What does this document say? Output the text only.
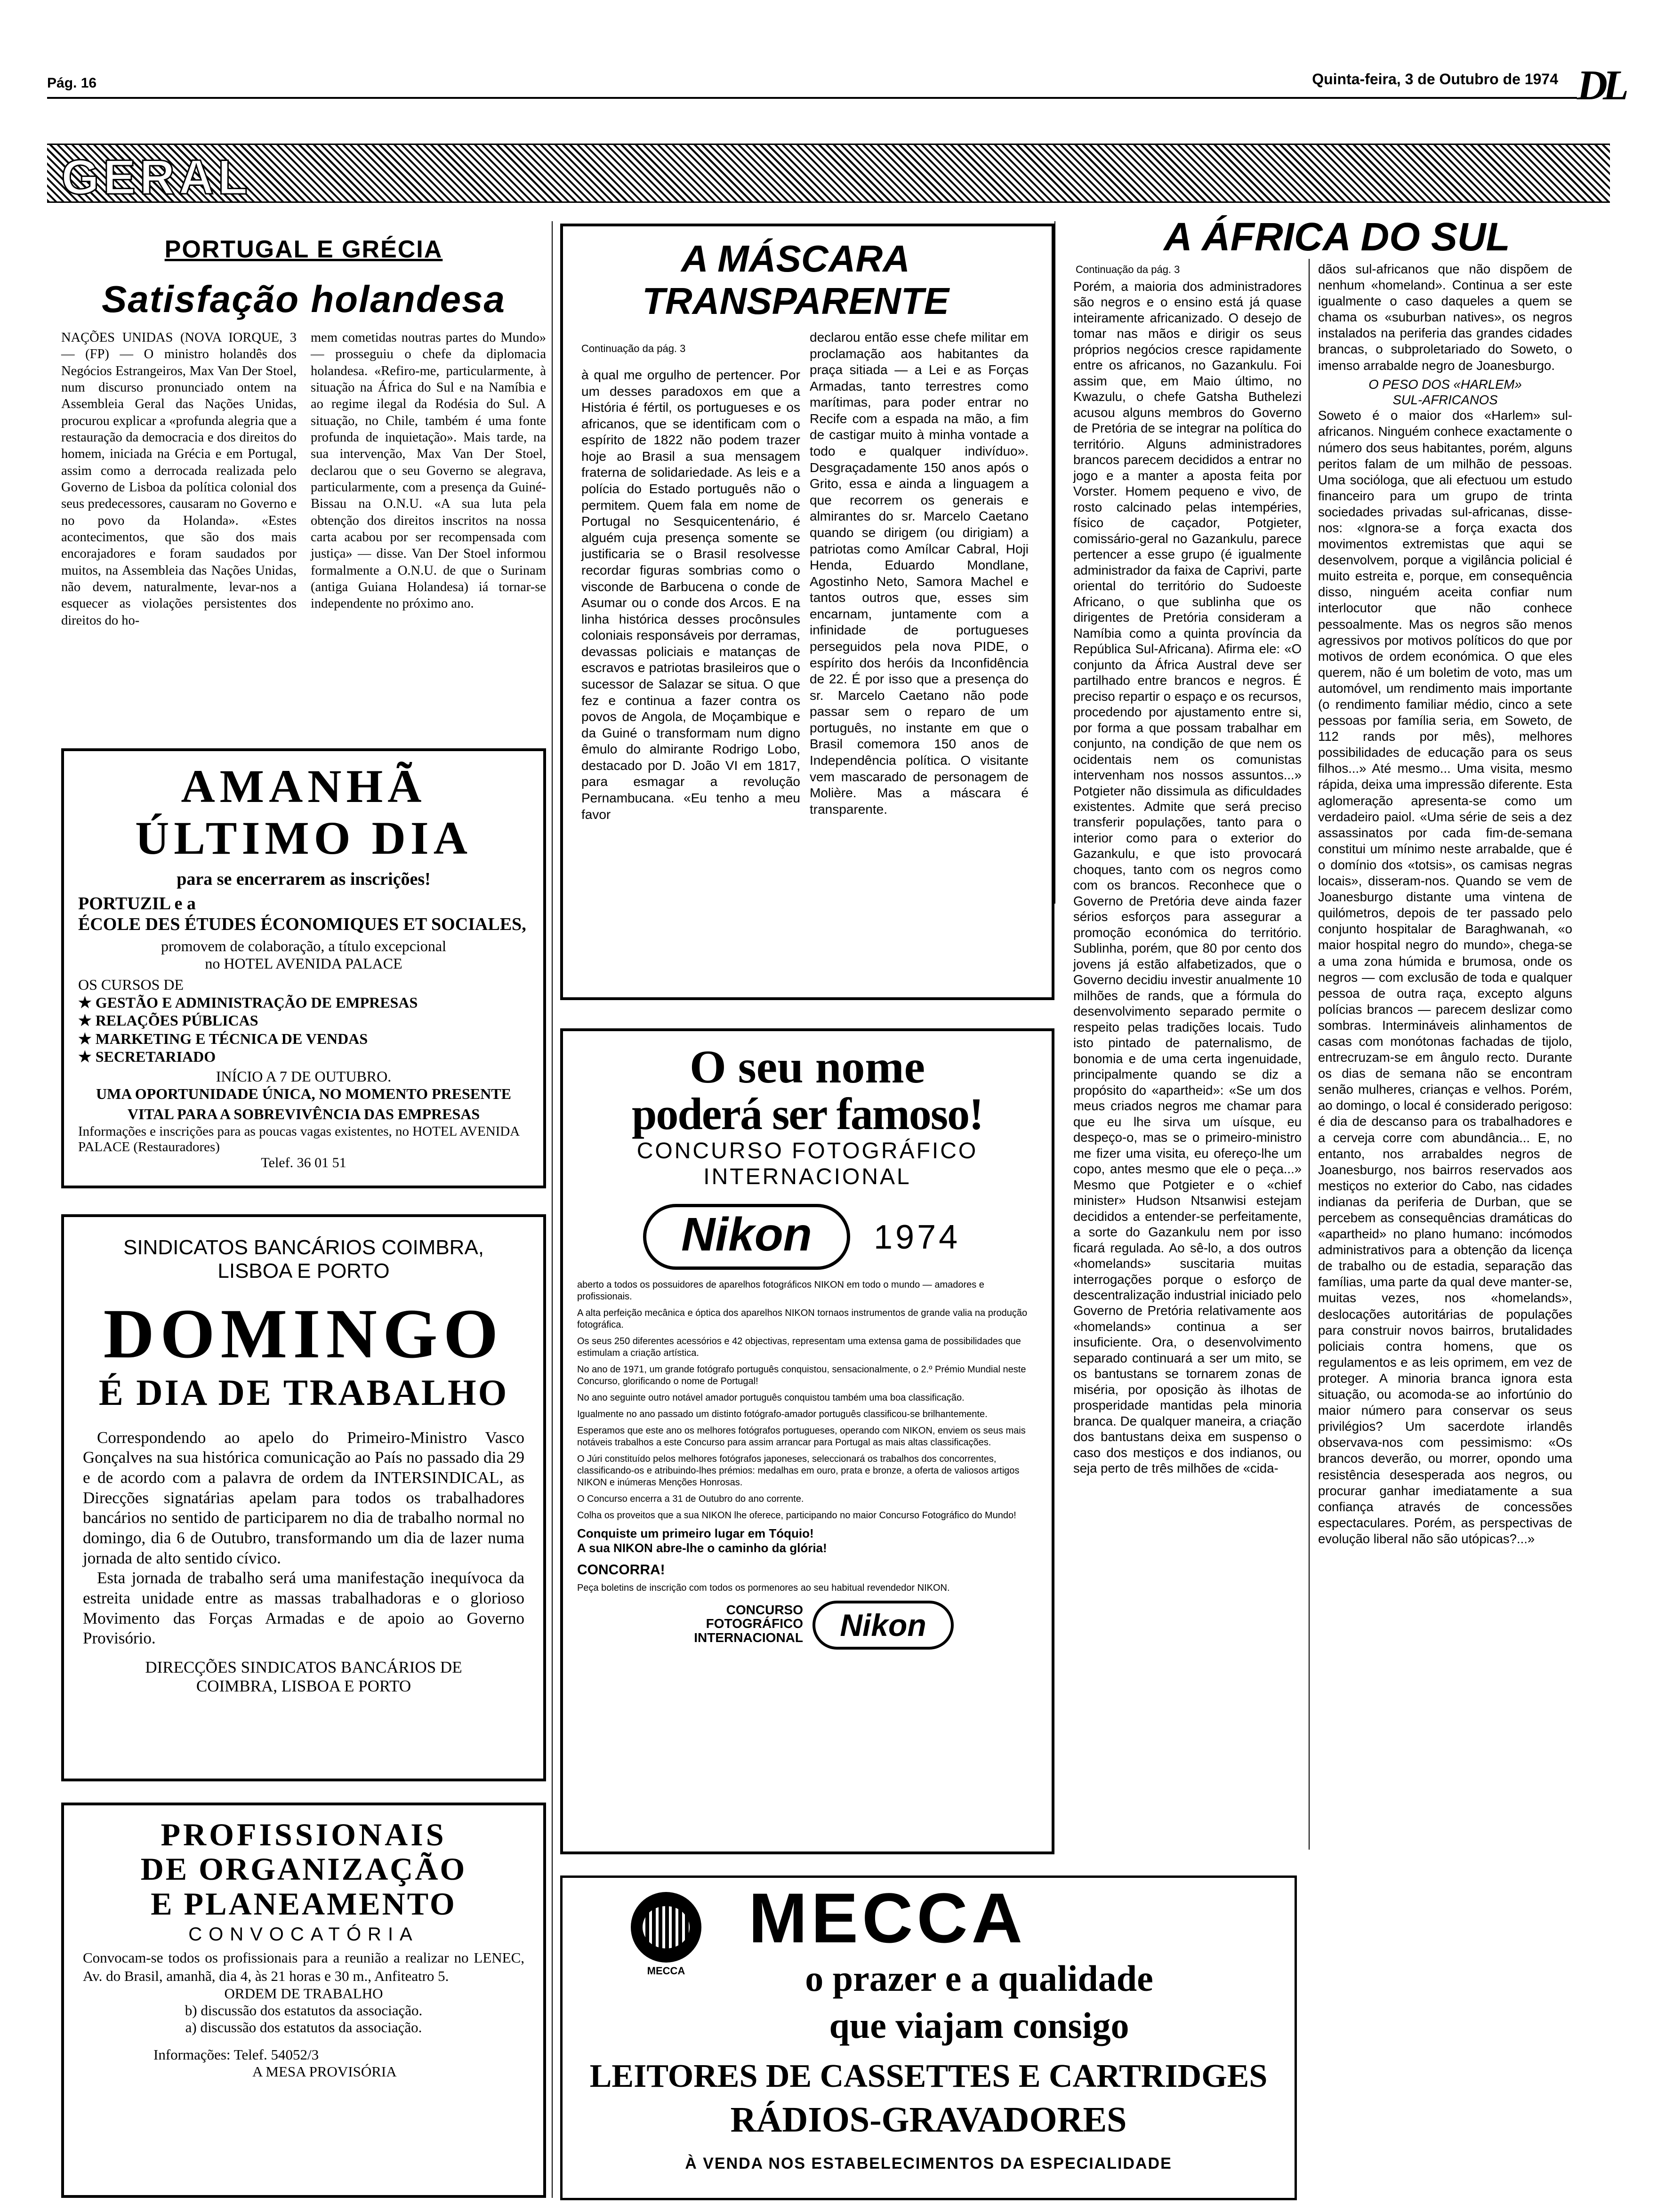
Pág. 16	Quinta-feira, 3 de Outubro de 1974 DL
GERAL
PORTUGAL E GRÉCIA
Satisfação holandesa
NAÇÕES UNIDAS (NOVA IORQUE, 3 — (FP) — O ministro holandês dos Negócios Estrangeiros, Max Van Der Stoel, num discurso pronunciado ontem na Assembleia Geral das Nações Unidas, procurou explicar a «profunda alegria que a restauração da democracia e dos direitos do homem, iniciada na Grécia e em Portugal, assim como a derrocada realizada pelo Governo de Lisboa da política colonial dos seus predecessores, causaram no Governo e no povo da Holanda». «Estes acontecimentos, que são dos mais encorajadores e foram saudados por muitos, na Assembleia das Nações Unidas, não devem, naturalmente, levar-nos a esquecer as violações persistentes dos direitos do ho-
mem cometidas noutras partes do Mundo» — prosseguiu o chefe da diplomacia holandesa. «Refiro-me, particularmente, à situação na África do Sul e na Namíbia e ao regime ilegal da Rodésia do Sul. A situação, no Chile, também é uma fonte profunda de inquietação». Mais tarde, na sua intervenção, Max Van Der Stoel, declarou que o seu Governo se alegrava, particularmente, com a presença da Guiné-Bissau na O.N.U. «A sua luta pela obtenção dos direitos inscritos na nossa carta acabou por ser recompensada com justiça» — disse. Van Der Stoel informou formalmente a O.N.U. de que o Surinam (antiga Guiana Holandesa) iá tornar-se independente no próximo ano.
AMANHÃ ÚLTIMO DIA
para se encerrarem as inscrições!
PORTUZIL e a
ÉCOLE DES ÉTUDES ÉCONOMIQUES ET SOCIALES,
promovem de colaboração, a título excepcional
no HOTEL AVENIDA PALACE
OS CURSOS DE
★ GESTÃO E ADMINISTRAÇÃO DE EMPRESAS
★ RELAÇÕES PÚBLICAS
★ MARKETING E TÉCNICA DE VENDAS
★ SECRETARIADO
INÍCIO A 7 DE OUTUBRO.
UMA OPORTUNIDADE ÚNICA, NO MOMENTO PRESENTE
VITAL PARA A SOBREVIVÊNCIA DAS EMPRESAS
Informações e inscrições para as poucas vagas existentes, no HOTEL AVENIDA PALACE (Restauradores)
Telef. 36 01 51
SINDICATOS BANCÁRIOS COIMBRA, LISBOA E PORTO
DOMINGO
É DIA DE TRABALHO

Correspondendo ao apelo do Primeiro-Ministro Vasco Gonçalves na sua histórica comunicação ao País no passado dia 29 e de acordo com a palavra de ordem da INTERSINDICAL, as Direcções signatárias apelam para todos os trabalhadores bancários no sentido de participarem no dia de trabalho normal no domingo, dia 6 de Outubro, transformando um dia de lazer numa jornada de alto sentido cívico.

Esta jornada de trabalho será uma manifestação inequívoca da estreita unidade entre as massas trabalhadoras e o glorioso Movimento das Forças Armadas e de apoio ao Governo Provisório.

DIRECÇÕES SINDICATOS BANCÁRIOS DE COIMBRA, LISBOA E PORTO
PROFISSIONAIS
DE ORGANIZAÇÃO
E PLANEAMENTO
CONVOCATÓRIA
Convocam-se todos os profissionais para a reunião a realizar no LENEC, Av. do Brasil, amanhã, dia 4, às 21 horas e 30 m., Anfiteatro 5.
ORDEM DE TRABALHO
b) discussão dos estatutos da associação.
a) discussão dos estatutos da associação.
Informações: Telef. 54052/3
A MESA PROVISÓRIA
A MÁSCARA TRANSPARENTE
Continuação da pág. 3
à qual me orgulho de pertencer. Por um desses paradoxos em que a História é fértil, os portugueses e os africanos, que se identificam com o espírito de 1822 não podem trazer hoje ao Brasil a sua mensagem fraterna de solidariedade. As leis e a polícia do Estado português não o permitem. Quem fala em nome de Portugal no Sesquicentenário, é alguém cuja presença somente se justificaria se o Brasil resolvesse recordar figuras sombrias como o visconde de Barbucena o conde de Asumar ou o conde dos Arcos. E na linha histórica desses procônsules coloniais responsáveis por derramas, devassas policiais e matanças de escravos e patriotas brasileiros que o sucessor de Salazar se situa. O que fez e continua a fazer contra os povos de Angola, de Moçambique e da Guiné o transformam num digno êmulo do almirante Rodrigo Lobo, destacado por D. João VI em 1817, para esmagar a revolução Pernambucana. «Eu tenho a meu favor
declarou então esse chefe militar em proclamação aos habitantes da praça sitiada — a Lei e as Forças Armadas, tanto terrestres como marítimas, para poder entrar no Recife com a espada na mão, a fim de castigar muito à minha vontade a todo e qualquer indivíduo». Desgraçadamente 150 anos após o Grito, essa e ainda a linguagem a que recorrem os generais e almirantes do sr. Marcelo Caetano quando se dirigem (ou dirigiam) a patriotas como Amílcar Cabral, Hoji Henda, Eduardo Mondlane, Agostinho Neto, Samora Machel e tantos outros que, esses sim encarnam, juntamente com a infinidade de portugueses perseguidos pela nova PIDE, o espírito dos heróis da Inconfidência de 22. É por isso que a presença do sr. Marcelo Caetano não pode passar sem o reparo de um português, no instante em que o Brasil comemora 150 anos de Independência política. O visitante vem mascarado de personagem de Molière. Mas a máscara é transparente.
O seu nome
poderá ser famoso!
CONCURSO FOTOGRÁFICO
INTERNACIONAL
Nikon	1974
aberto a todos os possuidores de aparelhos fotográficos NIKON em todo o mundo — amadores e profissionais.
A alta perfeição mecânica e óptica dos aparelhos NIKON tornaos instrumentos de grande valia na produção fotográfica.
Os seus 250 diferentes acessórios e 42 objectivas, representam uma extensa gama de possibilidades que estimulam a criação artística.
No ano de 1971, um grande fotógrafo português conquistou, sensacionalmente, o 2.º Prémio Mundial neste Concurso, glorificando o nome de Portugal!
No ano seguinte outro notável amador português conquistou também uma boa classificação.
Igualmente no ano passado um distinto fotógrafo-amador português classificou-se brilhantemente.
Esperamos que este ano os melhores fotógrafos portugueses, operando com NIKON, enviem os seus mais notáveis trabalhos a este Concurso para assim arrancar para Portugal as mais altas classificações.
O Júri constituído pelos melhores fotógrafos japoneses, seleccionará os trabalhos dos concorrentes, classificando-os e atribuindo-lhes prémios: medalhas em ouro, prata e bronze, a oferta de valiosos artigos NIKON e inúmeras Menções Honrosas.
O Concurso encerra a 31 de Outubro do ano corrente.
Colha os proveitos que a sua NIKON lhe oferece, participando no maior Concurso Fotográfico do Mundo!
Conquiste um primeiro lugar em Tóquio!
A sua NIKON abre-lhe o caminho da glória!
CONCORRA!
Peça boletins de inscrição com todos os pormenores ao seu habitual revendedor NIKON.
CONCURSO
FOTOGRÁFICO
INTERNACIONAL	Nikon
A ÁFRICA DO SUL
Continuação da pág. 3
Porém, a maioria dos administradores são negros e o ensino está já quase inteiramente africanizado. O desejo de tomar nas mãos e dirigir os seus próprios negócios cresce rapidamente entre os africanos, no Gazankulu. Foi assim que, em Maio último, no Kwazulu, o chefe Gatsha Buthelezi acusou alguns membros do Governo de Pretória de se integrar na política do território. Alguns administradores brancos parecem decididos a entrar no jogo e a manter a aposta feita por Vorster. Homem pequeno e vivo, de rosto calcinado pelas intempéries, físico de caçador, Potgieter, comissário-geral no Gazankulu, parece pertencer a esse grupo (é igualmente administrador da faixa de Caprivi, parte oriental do território do Sudoeste Africano, o que sublinha que os dirigentes de Pretória consideram a Namíbia como a quinta província da República Sul-Africana). Afirma ele: «O conjunto da África Austral deve ser partilhado entre brancos e negros. É preciso repartir o espaço e os recursos, procedendo por ajustamento entre si, por forma a que possam trabalhar em conjunto, na condição de que nem os ocidentais nem os comunistas intervenham nos nossos assuntos...» Potgieter não dissimula as dificuldades existentes. Admite que será preciso transferir populações, tanto para o interior como para o exterior do Gazankulu, e que isto provocará choques, tanto com os negros como com os brancos. Reconhece que o Governo de Pretória deve ainda fazer sérios esforços para assegurar a promoção económica do território. Sublinha, porém, que 80 por cento dos jovens já estão alfabetizados, que o Governo decidiu investir anualmente 10 milhões de rands, que a fórmula do desenvolvimento separado permite o respeito pelas tradições locais. Tudo isto pintado de paternalismo, de bonomia e de uma certa ingenuidade, principalmente quando se diz a propósito do «apartheid»: «Se um dos meus criados negros me chamar para que eu lhe sirva um uísque, eu despeço-o, mas se o primeiro-ministro me fizer uma visita, eu ofereço-lhe um copo, antes mesmo que ele o peça...» Mesmo que Potgieter e o «chief minister» Hudson Ntsanwisi estejam decididos a entender-se perfeitamente, a sorte do Gazankulu nem por isso ficará regulada. Ao sê-lo, a dos outros «homelands» suscitaria muitas interrogações porque o esforço de descentralização industrial iniciado pelo Governo de Pretória relativamente aos «homelands» continua a ser insuficiente. Ora, o desenvolvimento separado continuará a ser um mito, se os bantustans se tornarem zonas de miséria, por oposição às ilhotas de prosperidade mantidas pela minoria branca. De qualquer maneira, a criação dos bantustans deixa em suspenso o caso dos mestiços e dos indianos, ou seja perto de três milhões de «cida-
dãos sul-africanos que não dispõem de nenhum «homeland». Continua a ser este igualmente o caso daqueles a quem se chama os «suburban natives», os negros instalados na periferia das grandes cidades brancas, o subproletariado do Soweto, o imenso arrabalde negro de Joanesburgo.
O PESO DOS «HARLEM»
SUL-AFRICANOS
Soweto é o maior dos «Harlem» sul-africanos. Ninguém conhece exactamente o número dos seus habitantes, porém, alguns peritos falam de um milhão de pessoas. Uma socióloga, que ali efectuou um estudo financeiro para um grupo de trinta sociedades privadas sul-africanas, disse-nos: «Ignora-se a força exacta dos movimentos extremistas que aqui se desenvolvem, porque a vigilância policial é muito estreita e, porque, em consequência disso, ninguém aceita confiar num interlocutor que não conhece pessoalmente. Mas os negros são menos agressivos por motivos políticos do que por motivos de ordem económica. O que eles querem, não é um boletim de voto, mas um automóvel, um rendimento mais importante (o rendimento familiar médio, cinco a sete pessoas por família seria, em Soweto, de 112 rands por mês), melhores possibilidades de educação para os seus filhos...» Até mesmo... Uma visita, mesmo rápida, deixa uma impressão diferente. Esta aglomeração apresenta-se como um verdadeiro paiol. «Uma série de seis a dez assassinatos por cada fim-de-semana constitui um mínimo neste arrabalde, que é o domínio dos «totsis», os camisas negras locais», disseram-nos. Quando se vem de Joanesburgo distante uma vintena de quilómetros, depois de ter passado pelo conjunto hospitalar de Baraghwanah, «o maior hospital negro do mundo», chega-se a uma zona húmida e brumosa, onde os negros — com exclusão de toda e qualquer pessoa de outra raça, excepto alguns polícias brancos — parecem deslizar como sombras. Intermináveis alinhamentos de casas com monótonas fachadas de tijolo, entrecruzam-se em ângulo recto. Durante os dias de semana não se encontram senão mulheres, crianças e velhos. Porém, ao domingo, o local é considerado perigoso: é dia de descanso para os trabalhadores e a cerveja corre com abundância... E, no entanto, nos arrabaldes negros de Joanesburgo, nos bairros reservados aos mestiços no exterior do Cabo, nas cidades indianas da periferia de Durban, que se percebem as consequências dramáticas do «apartheid» no plano humano: incómodos administrativos para a obtenção da licença de trabalho ou de estadia, separação das famílias, uma parte da qual deve manter-se, muitas vezes, nos «homelands», deslocações autoritárias de populações para construir novos bairros, brutalidades policiais contra homens, que os regulamentos e as leis oprimem, em vez de proteger. A minoria branca ignora esta situação, ou acomoda-se ao infortúnio do maior número para conservar os seus privilégios? Um sacerdote irlandês observava-nos com pessimismo: «Os brancos deverão, ou morrer, opondo uma resistência desesperada aos negros, ou procurar ganhar imediatamente a sua confiança através de concessões espectaculares. Porém, as perspectivas de evolução liberal não são utópicas?...»
MECCA
MECCA
o prazer e a qualidade
que viajam consigo
LEITORES DE CASSETTES E CARTRIDGES
RÁDIOS-GRAVADORES
À VENDA NOS ESTABELECIMENTOS DA ESPECIALIDADE
